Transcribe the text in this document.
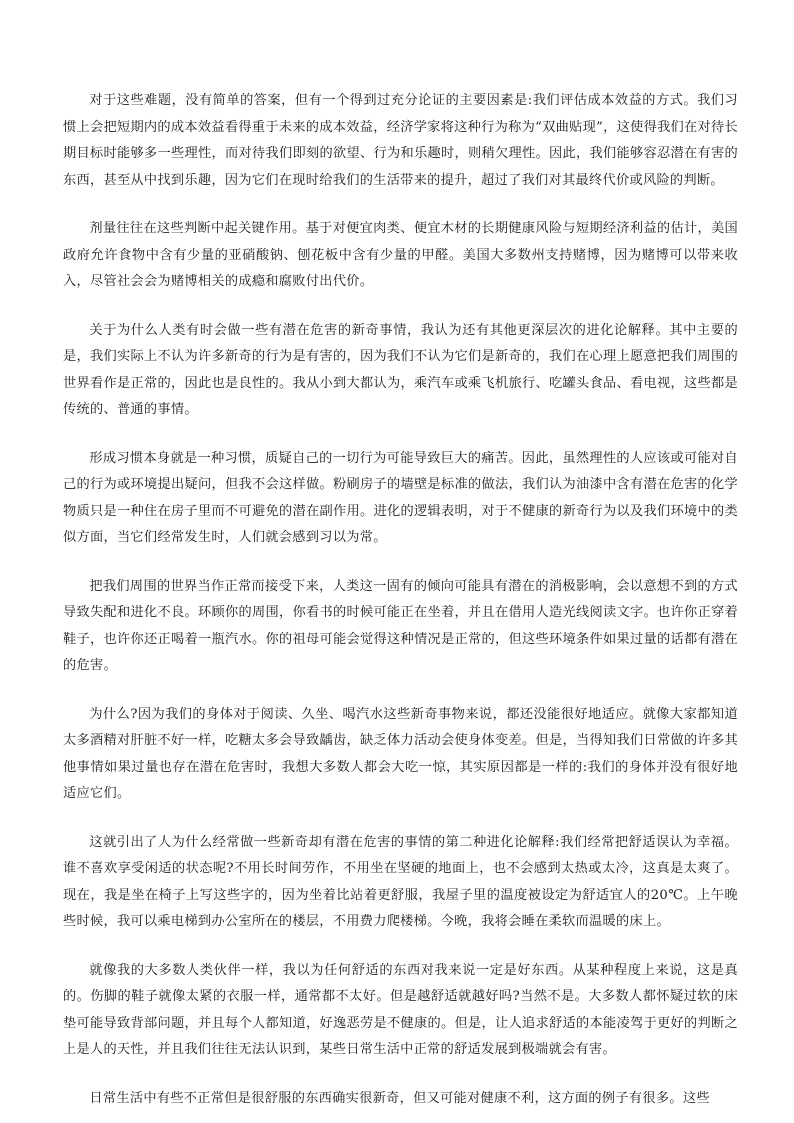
对于这些难题，没有简单的答案，但有一个得到过充分论证的主要因素是:我们评估成本效益的方式。我们习惯上会把短期内的成本效益看得重于未来的成本效益，经济学家将这种行为称为“双曲贴现”，这使得我们在对待长期目标时能够多一些理性，而对待我们即刻的欲望、行为和乐趣时，则稍欠理性。因此，我们能够容忍潜在有害的东西，甚至从中找到乐趣，因为它们在现时给我们的生活带来的提升，超过了我们对其最终代价或风险的判断。

剂量往往在这些判断中起关键作用。基于对便宜肉类、便宜木材的长期健康风险与短期经济利益的估计，美国政府允许食物中含有少量的亚硝酸钠、刨花板中含有少量的甲醛。美国大多数州支持赌博，因为赌博可以带来收入，尽管社会会为赌博相关的成瘾和腐败付出代价。

关于为什么人类有时会做一些有潜在危害的新奇事情，我认为还有其他更深层次的进化论解释。其中主要的是，我们实际上不认为许多新奇的行为是有害的，因为我们不认为它们是新奇的，我们在心理上愿意把我们周围的世界看作是正常的，因此也是良性的。我从小到大都认为，乘汽车或乘飞机旅行、吃罐头食品、看电视，这些都是传统的、普通的事情。

形成习惯本身就是一种习惯，质疑自己的一切行为可能导致巨大的痛苦。因此，虽然理性的人应该或可能对自己的行为或环境提出疑问，但我不会这样做。粉刷房子的墙壁是标准的做法，我们认为油漆中含有潜在危害的化学物质只是一种住在房子里而不可避免的潜在副作用。进化的逻辑表明，对于不健康的新奇行为以及我们环境中的类似方面，当它们经常发生时，人们就会感到习以为常。

把我们周围的世界当作正常而接受下来，人类这一固有的倾向可能具有潜在的消极影响，会以意想不到的方式导致失配和进化不良。环顾你的周围，你看书的时候可能正在坐着，并且在借用人造光线阅读文字。也许你正穿着鞋子，也许你还正喝着一瓶汽水。你的祖母可能会觉得这种情况是正常的，但这些环境条件如果过量的话都有潜在的危害。

为什么?因为我们的身体对于阅读、久坐、喝汽水这些新奇事物来说，都还没能很好地适应。就像大家都知道太多酒精对肝脏不好一样，吃糖太多会导致龋齿，缺乏体力活动会使身体变差。但是，当得知我们日常做的许多其他事情如果过量也存在潜在危害时，我想大多数人都会大吃一惊，其实原因都是一样的:我们的身体并没有很好地适应它们。

这就引出了人为什么经常做一些新奇却有潜在危害的事情的第二种进化论解释:我们经常把舒适误认为幸福。谁不喜欢享受闲适的状态呢?不用长时间劳作，不用坐在坚硬的地面上，也不会感到太热或太冷，这真是太爽了。现在，我是坐在椅子上写这些字的，因为坐着比站着更舒服，我屋子里的温度被设定为舒适宜人的20℃。上午晚些时候，我可以乘电梯到办公室所在的楼层，不用费力爬楼梯。今晚，我将会睡在柔软而温暖的床上。

就像我的大多数人类伙伴一样，我以为任何舒适的东西对我来说一定是好东西。从某种程度上来说，这是真的。伤脚的鞋子就像太紧的衣服一样，通常都不太好。但是越舒适就越好吗?当然不是。大多数人都怀疑过软的床垫可能导致背部问题，并且每个人都知道，好逸恶劳是不健康的。但是，让人追求舒适的本能凌驾于更好的判断之上是人的天性，并且我们往往无法认识到，某些日常生活中正常的舒适发展到极端就会有害。

日常生活中有些不正常但是很舒服的东西确实很新奇，但又可能对健康不利，这方面的例子有很多。这些
